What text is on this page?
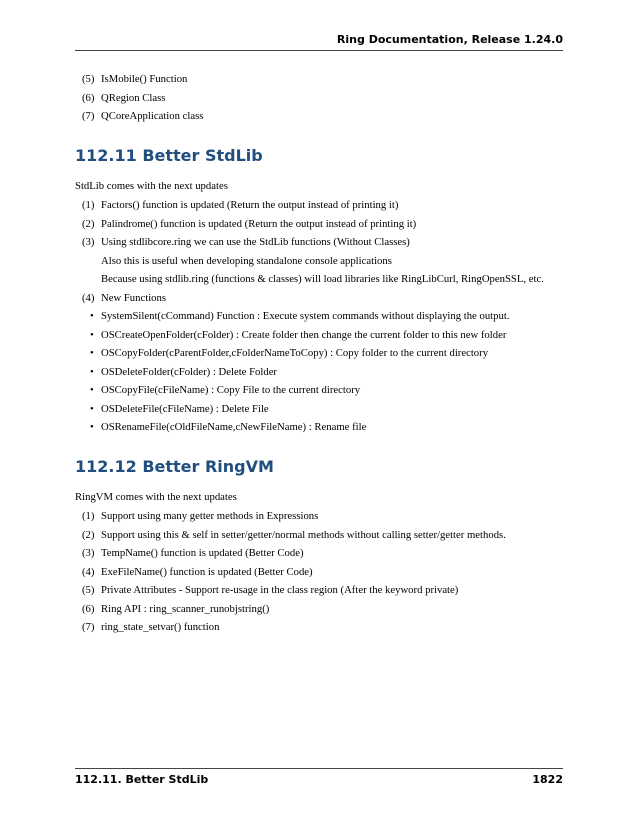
Ring Documentation, Release 1.24.0
(5) IsMobile() Function
(6) QRegion Class
(7) QCoreApplication class
112.11 Better StdLib
StdLib comes with the next updates
(1) Factors() function is updated (Return the output instead of printing it)
(2) Palindrome() function is updated (Return the output instead of printing it)
(3) Using stdlibcore.ring we can use the StdLib functions (Without Classes)
Also this is useful when developing standalone console applications
Because using stdlib.ring (functions & classes) will load libraries like RingLibCurl, RingOpenSSL, etc.
(4) New Functions
• SystemSilent(cCommand) Function : Execute system commands without displaying the output.
• OSCreateOpenFolder(cFolder) : Create folder then change the current folder to this new folder
• OSCopyFolder(cParentFolder,cFolderNameToCopy) : Copy folder to the current directory
• OSDeleteFolder(cFolder) : Delete Folder
• OSCopyFile(cFileName) : Copy File to the current directory
• OSDeleteFile(cFileName) : Delete File
• OSRenameFile(cOldFileName,cNewFileName) : Rename file
112.12 Better RingVM
RingVM comes with the next updates
(1) Support using many getter methods in Expressions
(2) Support using this & self in setter/getter/normal methods without calling setter/getter methods.
(3) TempName() function is updated (Better Code)
(4) ExeFileName() function is updated (Better Code)
(5) Private Attributes - Support re-usage in the class region (After the keyword private)
(6) Ring API : ring_scanner_runobjstring()
(7) ring_state_setvar() function
112.11. Better StdLib	1822
